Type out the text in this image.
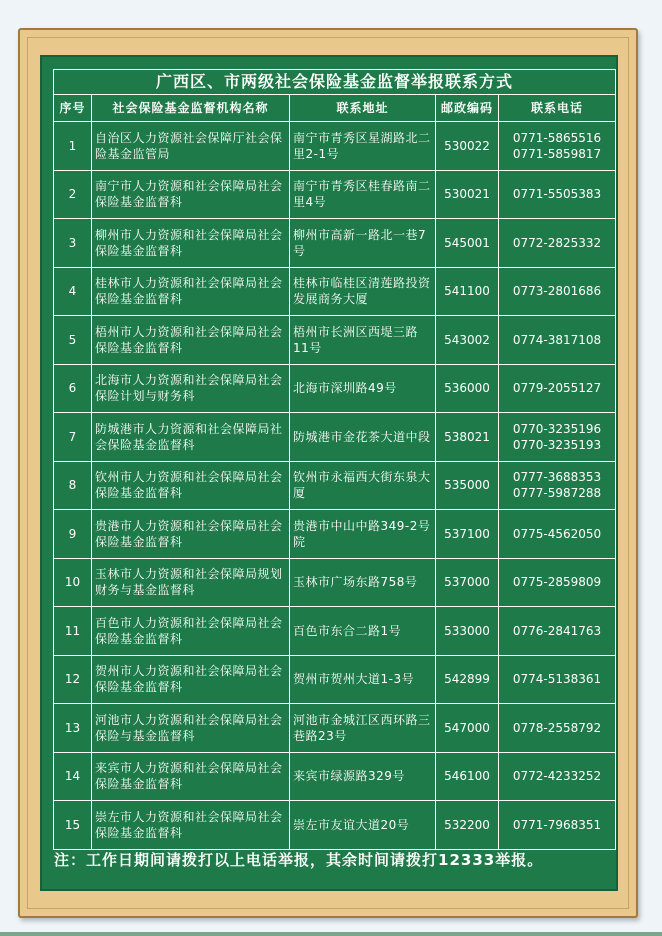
广西区、市两级社会保险基金监督举报联系方式				
序号	社会保险基金监督机构名称	联系地址	邮政编码	联系电话
1	自治区人力资源社会保障厅社会保险基金监管局	南宁市青秀区星湖路北二里2-1号	530022	0771-5865516
0771-5859817

2	南宁市人力资源和社会保障局社会保险基金监督科	南宁市青秀区桂春路南二里4号	530021	0771-5505383

3	柳州市人力资源和社会保障局社会保险基金监督科	柳州市高新一路北一巷7号	545001	0772-2825332

4	桂林市人力资源和社会保障局社会保险基金监督科	桂林市临桂区清莲路投资发展商务大厦	541100	0773-2801686

5	梧州市人力资源和社会保障局社会保险基金监督科	梧州市长洲区西堤三路11号	543002	0774-3817108

6	北海市人力资源和社会保障局社会保险计划与财务科	北海市深圳路49号	536000	0779-2055127

7	防城港市人力资源和社会保障局社会保险基金监督科	防城港市金花茶大道中段	538021	0770-3235196
0770-3235193

8	钦州市人力资源和社会保障局社会保险基金监督科	钦州市永福西大街东泉大厦	535000	0777-3688353
0777-5987288

9	贵港市人力资源和社会保障局社会保险基金监督科	贵港市中山中路349-2号院	537100	0775-4562050

10	玉林市人力资源和社会保障局规划财务与基金监督科	玉林市广场东路758号	537000	0775-2859809

11	百色市人力资源和社会保障局社会保险基金监督科	百色市东合二路1号	533000	0776-2841763

12	贺州市人力资源和社会保障局社会保险基金监督科	贺州市贺州大道1-3号	542899	0774-5138361

13	河池市人力资源和社会保障局社会保险与基金监督科	河池市金城江区西环路三巷路23号	547000	0778-2558792

14	来宾市人力资源和社会保障局社会保险基金监督科	来宾市绿源路329号	546100	0772-4233252

15	崇左市人力资源和社会保障局社会保险基金监督科	崇左市友谊大道20号	532200	0771-7968351
注：工作日期间请拨打以上电话举报，其余时间请拨打12333举报。
